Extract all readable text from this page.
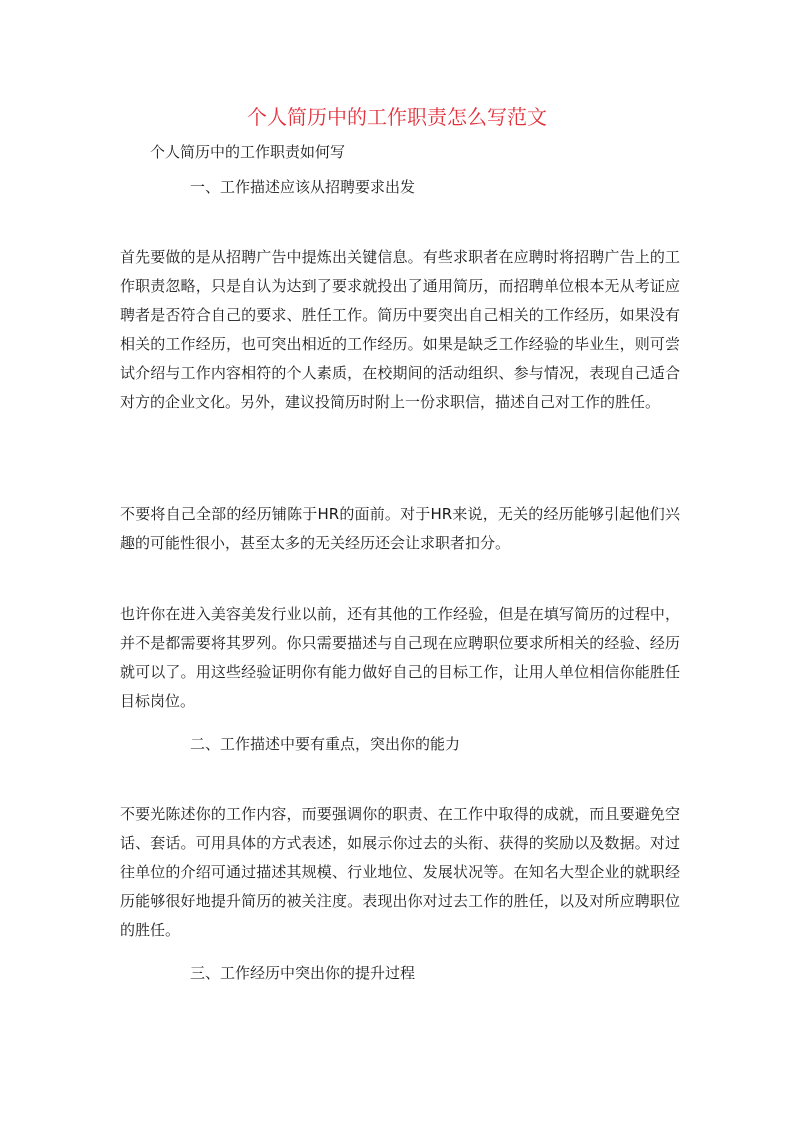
个人简历中的工作职责怎么写范文
个人简历中的工作职责如何写
一、工作描述应该从招聘要求出发
首先要做的是从招聘广告中提炼出关键信息。有些求职者在应聘时将招聘广告上的工作职责忽略，只是自认为达到了要求就投出了通用简历，而招聘单位根本无从考证应聘者是否符合自己的要求、胜任工作。简历中要突出自己相关的工作经历，如果没有相关的工作经历，也可突出相近的工作经历。如果是缺乏工作经验的毕业生，则可尝试介绍与工作内容相符的个人素质，在校期间的活动组织、参与情况，表现自己适合对方的企业文化。另外，建议投简历时附上一份求职信，描述自己对工作的胜任。
不要将自己全部的经历铺陈于HR的面前。对于HR来说，无关的经历能够引起他们兴趣的可能性很小，甚至太多的无关经历还会让求职者扣分。
也许你在进入美容美发行业以前，还有其他的工作经验，但是在填写简历的过程中，并不是都需要将其罗列。你只需要描述与自己现在应聘职位要求所相关的经验、经历就可以了。用这些经验证明你有能力做好自己的目标工作，让用人单位相信你能胜任目标岗位。
二、工作描述中要有重点，突出你的能力
不要光陈述你的工作内容，而要强调你的职责、在工作中取得的成就，而且要避免空话、套话。可用具体的方式表述，如展示你过去的头衔、获得的奖励以及数据。对过往单位的介绍可通过描述其规模、行业地位、发展状况等。在知名大型企业的就职经历能够很好地提升简历的被关注度。表现出你对过去工作的胜任，以及对所应聘职位的胜任。
三、工作经历中突出你的提升过程
